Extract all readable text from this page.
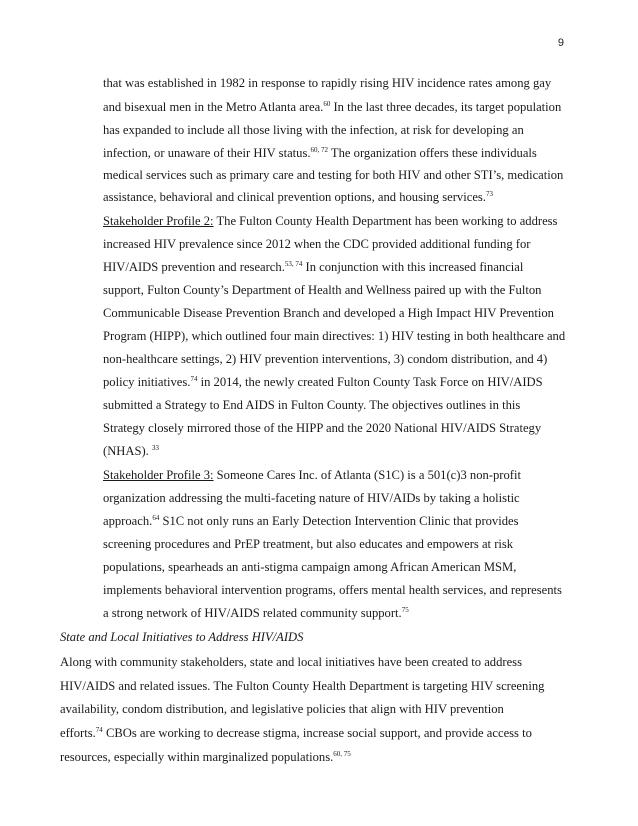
9
that was established in 1982 in response to rapidly rising HIV incidence rates among gay
and bisexual men in the Metro Atlanta area.$^{60}$ In the last three decades, its target population
has expanded to include all those living with the infection, at risk for developing an
infection, or unaware of their HIV status.$^{60, 72}$ The organization offers these individuals
medical services such as primary care and testing for both HIV and other STI’s, medication
assistance, behavioral and clinical prevention options, and housing services.$^{73}$
Stakeholder Profile 2: The Fulton County Health Department has been working to address
increased HIV prevalence since 2012 when the CDC provided additional funding for
HIV/AIDS prevention and research.$^{53, 74}$ In conjunction with this increased financial
support, Fulton County’s Department of Health and Wellness paired up with the Fulton
Communicable Disease Prevention Branch and developed a High Impact HIV Prevention
Program (HIPP), which outlined four main directives: 1) HIV testing in both healthcare and
non-healthcare settings, 2) HIV prevention interventions, 3) condom distribution, and 4)
policy initiatives.$^{74}$ in 2014, the newly created Fulton County Task Force on HIV/AIDS
submitted a Strategy to End AIDS in Fulton County. The objectives outlines in this
Strategy closely mirrored those of the HIPP and the 2020 National HIV/AIDS Strategy
(NHAS). $^{33}$
Stakeholder Profile 3: Someone Cares Inc. of Atlanta (S1C) is a 501(c)3 non-profit
organization addressing the multi-faceting nature of HIV/AIDs by taking a holistic
approach.$^{64}$ S1C not only runs an Early Detection Intervention Clinic that provides
screening procedures and PrEP treatment, but also educates and empowers at risk
populations, spearheads an anti-stigma campaign among African American MSM,
implements behavioral intervention programs, offers mental health services, and represents
a strong network of HIV/AIDS related community support.$^{75}$
State and Local Initiatives to Address HIV/AIDS
Along with community stakeholders, state and local initiatives have been created to address
HIV/AIDS and related issues. The Fulton County Health Department is targeting HIV screening
availability, condom distribution, and legislative policies that align with HIV prevention
efforts.$^{74}$ CBOs are working to decrease stigma, increase social support, and provide access to
resources, especially within marginalized populations.$^{60, 75}$
